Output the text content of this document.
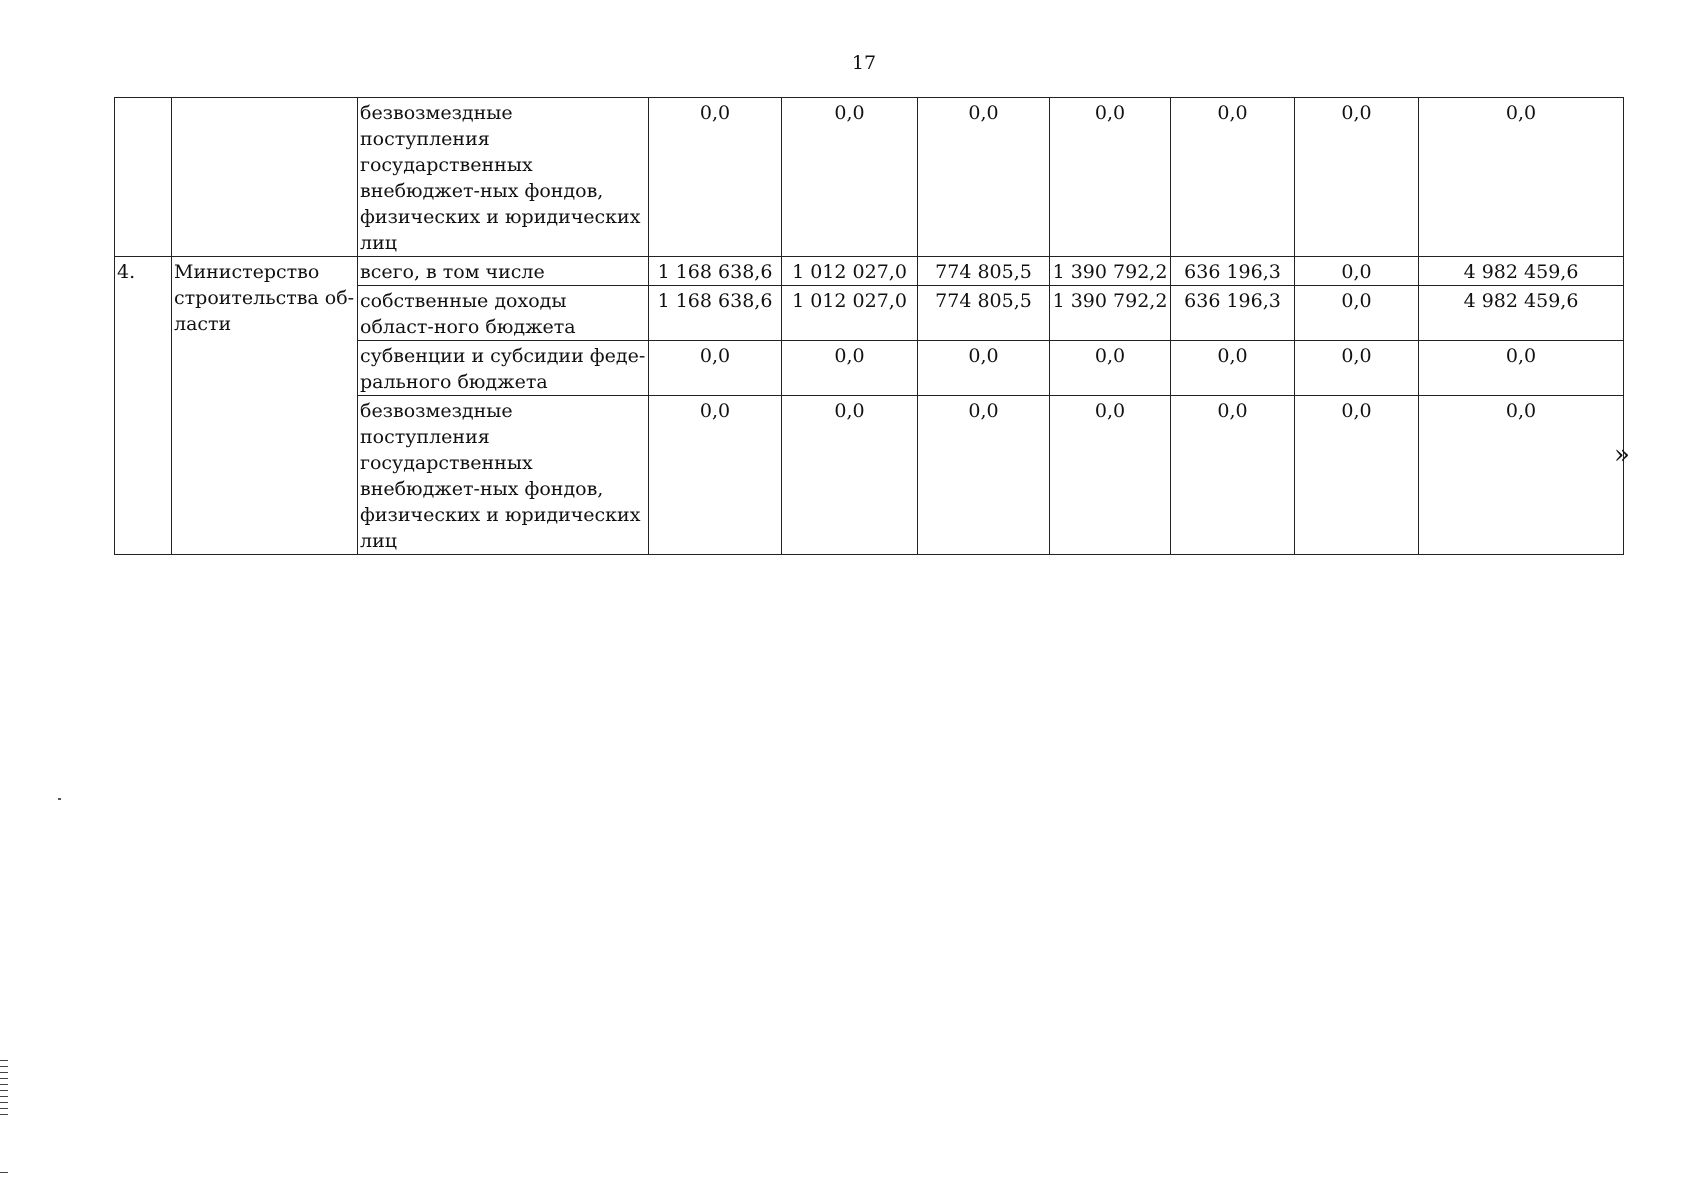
17
		безвозмездные поступления государственных внебюджет-ных фондов, физических и юридических лиц	0,0	0,0	0,0	0,0	0,0	0,0	0,0
4.	Министерство строительства об-ласти	всего, в том числе	1 168 638,6	1 012 027,0	774 805,5	1 390 792,2	636 196,3	0,0	4 982 459,6
		собственные доходы област-ного бюджета	1 168 638,6	1 012 027,0	774 805,5	1 390 792,2	636 196,3	0,0	4 982 459,6
		субвенции и субсидии феде-рального бюджета	0,0	0,0	0,0	0,0	0,0	0,0	0,0
		безвозмездные поступления государственных внебюджет-ных фондов, физических и юридических лиц	0,0	0,0	0,0	0,0	0,0	0,0	0,0
»
